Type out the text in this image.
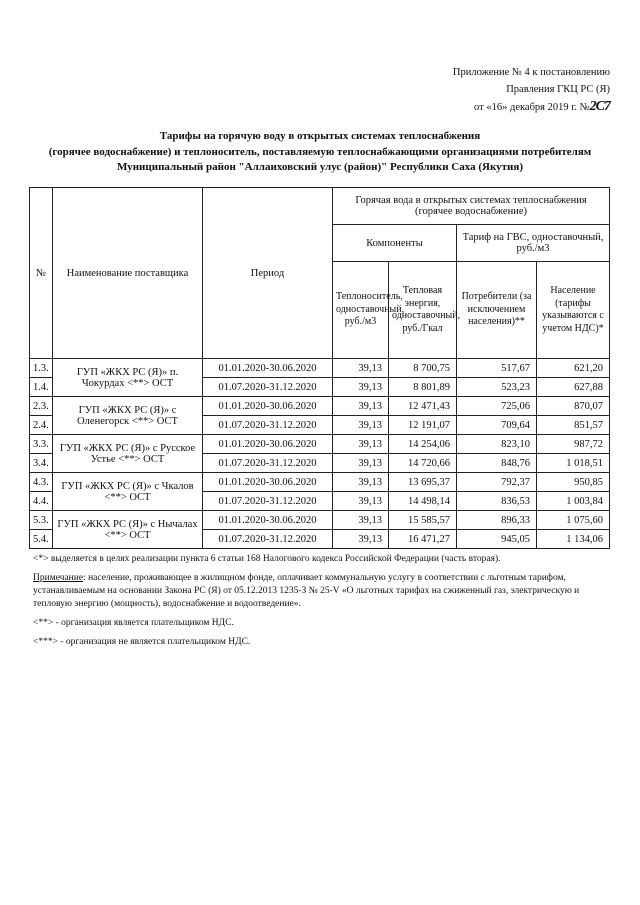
Приложение № 4 к постановлению
Правления ГКЦ РС (Я)
от «16» декабря 2019 г. №2С7
Тарифы на горячую воду в открытых системах теплоснабжения
(горячее водоснабжение) и теплоноситель, поставляемую теплоснабжающими организациями потребителям
Муниципальный район "Аллаиховский улус (район)" Республики Саха (Якутия)
№	Наименование поставщика	Период	Горячая вода в открытых системах теплоснабжения (горячее водоснабжение)			
			Компоненты		Тариф на ГВС, одноставочный, руб./м3	
			Теплоноситель, одноставочный, руб./м3	Тепловая энергия, одноставочный, руб./Гкал	Потребители (за исключением населения)**	Население (тарифы указываются с учетом НДС)*
1.3.	ГУП «ЖКХ РС (Я)» п. Чокурдах <**> ОСТ	01.01.2020-30.06.2020	39,13	8 700,75	517,67	621,20
1.4.		01.07.2020-31.12.2020	39,13	8 801,89	523,23	627,88
2.3.	ГУП «ЖКХ РС (Я)» с Оленегорск <**> ОСТ	01.01.2020-30.06.2020	39,13	12 471,43	725,06	870,07
2.4.		01.07.2020-31.12.2020	39,13	12 191,07	709,64	851,57
3.3.	ГУП «ЖКХ РС (Я)» с Русское Устье <**> ОСТ	01.01.2020-30.06.2020	39,13	14 254,06	823,10	987,72
3.4.		01.07.2020-31.12.2020	39,13	14 720,66	848,76	1 018,51
4.3.	ГУП «ЖКХ РС (Я)» с Чкалов <**> ОСТ	01.01.2020-30.06.2020	39,13	13 695,37	792,37	950,85
4.4.		01.07.2020-31.12.2020	39,13	14 498,14	836,53	1 003,84
5.3.	ГУП «ЖКХ РС (Я)» с Нычалах <**> ОСТ	01.01.2020-30.06.2020	39,13	15 585,57	896,33	1 075,60
5.4.		01.07.2020-31.12.2020	39,13	16 471,27	945,05	1 134,06

<*> выделяется в целях реализации пункта 6 статьи 168 Налогового кодекса Российской Федерации (часть вторая).

Примечание: население, проживающее в жилищном фонде, оплачивает коммунальную услугу в соответствии с льготным тарифом, устанавливаемым на основании Закона РС (Я) от 05.12.2013 1235-З № 25-V «О льготных тарифах на сжиженный газ, электрическую и тепловую энергию (мощность), водоснабжение и водоотведение».

<**> - организация является плательщиком НДС.

<***> - организация не является плательщиком НДС.
